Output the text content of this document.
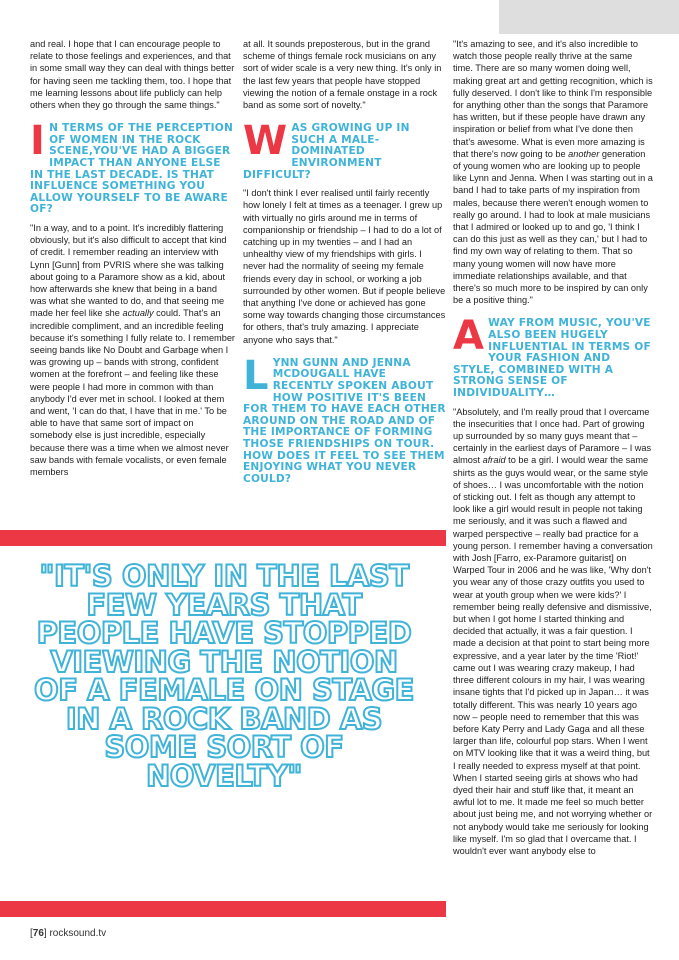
and real. I hope that I can encourage people to relate to those feelings and experiences, and that in some small way they can deal with things better for having seen me tackling them, too. I hope that me learning lessons about life publicly can help others when they go through the same things."

I N TERMS OF THE PERCEPTION OF WOMEN IN THE ROCK SCENE,YOU'VE HAD A BIGGER IMPACT THAN ANYONE ELSE IN THE LAST DECADE. IS THAT INFLUENCE SOMETHING YOU ALLOW YOURSELF TO BE AWARE OF?

"In a way, and to a point. It's incredibly flattering obviously, but it's also difficult to accept that kind of credit. I remember reading an interview with Lynn [Gunn] from PVRIS where she was talking about going to a Paramore show as a kid, about how afterwards she knew that being in a band was what she wanted to do, and that seeing me made her feel like she actually could. That's an incredible compliment, and an incredible feeling because it's something I fully relate to. I remember seeing bands like No Doubt and Garbage when I was growing up – bands with strong, confident women at the forefront – and feeling like these were people I had more in common with than anybody I'd ever met in school. I looked at them and went, 'I can do that, I have that in me.' To be able to have that same sort of impact on somebody else is just incredible, especially because there was a time when we almost never saw bands with female vocalists, or even female members

at all. It sounds preposterous, but in the grand scheme of things female rock musicians on any sort of wider scale is a very new thing. It's only in the last few years that people have stopped viewing the notion of a female onstage in a rock band as some sort of novelty."

WAS GROWING UP IN SUCH A MALE-DOMINATED ENVIRONMENT DIFFICULT?

"I don't think I ever realised until fairly recently how lonely I felt at times as a teenager. I grew up with virtually no girls around me in terms of companionship or friendship – I had to do a lot of catching up in my twenties – and I had an unhealthy view of my friendships with girls. I never had the normality of seeing my female friends every day in school, or working a job surrounded by other women. But if people believe that anything I've done or achieved has gone some way towards changing those circumstances for others, that's truly amazing. I appreciate anyone who says that."

LYNN GUNN AND JENNA MCDOUGALL HAVE RECENTLY SPOKEN ABOUT HOW POSITIVE IT'S BEEN FOR THEM TO HAVE EACH OTHER AROUND ON THE ROAD AND OF THE IMPORTANCE OF FORMING THOSE FRIENDSHIPS ON TOUR. HOW DOES IT FEEL TO SEE THEM ENJOYING WHAT YOU NEVER COULD?

"It's amazing to see, and it's also incredible to watch those people really thrive at the same time. There are so many women doing well, making great art and getting recognition, which is fully deserved. I don't like to think I'm responsible for anything other than the songs that Paramore has written, but if these people have drawn any inspiration or belief from what I've done then that's awesome. What is even more amazing is that there's now going to be another generation of young women who are looking up to people like Lynn and Jenna. When I was starting out in a band I had to take parts of my inspiration from males, because there weren't enough women to really go around. I had to look at male musicians that I admired or looked up to and go, 'I think I can do this just as well as they can,' but I had to find my own way of relating to them. That so many young women will now have more immediate relationships available, and that there's so much more to be inspired by can only be a positive thing."

AWAY FROM MUSIC, YOU'VE ALSO BEEN HUGELY INFLUENTIAL IN TERMS OF YOUR FASHION AND STYLE, COMBINED WITH A STRONG SENSE OF INDIVIDUALITY…

"Absolutely, and I'm really proud that I overcame the insecurities that I once had. Part of growing up surrounded by so many guys meant that – certainly in the earliest days of Paramore – I was almost afraid to be a girl. I would wear the same shirts as the guys would wear, or the same style of shoes… I was uncomfortable with the notion of sticking out. I felt as though any attempt to look like a girl would result in people not taking me seriously, and it was such a flawed and warped perspective – really bad practice for a young person. I remember having a conversation with Josh [Farro, ex-Paramore guitarist] on Warped Tour in 2006 and he was like, 'Why don't you wear any of those crazy outfits you used to wear at youth group when we were kids?' I remember being really defensive and dismissive, but when I got home I started thinking and decided that actually, it was a fair question. I made a decision at that point to start being more expressive, and a year later by the time 'Riot!' came out I was wearing crazy makeup, I had three different colours in my hair, I was wearing insane tights that I'd picked up in Japan… it was totally different. This was nearly 10 years ago now – people need to remember that this was before Katy Perry and Lady Gaga and all these larger than life, colourful pop stars. When I went on MTV looking like that it was a weird thing, but I really needed to express myself at that point. When I started seeing girls at shows who had dyed their hair and stuff like that, it meant an awful lot to me. It made me feel so much better about just being me, and not worrying whether or not anybody would take me seriously for looking like myself. I'm so glad that I overcame that. I wouldn't ever want anybody else to

"IT'S ONLY IN THE LAST FEW YEARS THAT PEOPLE HAVE STOPPED VIEWING THE NOTION OF A FEMALE ON STAGE IN A ROCK BAND AS SOME SORT OF NOVELTY"
[76] rocksound.tv
